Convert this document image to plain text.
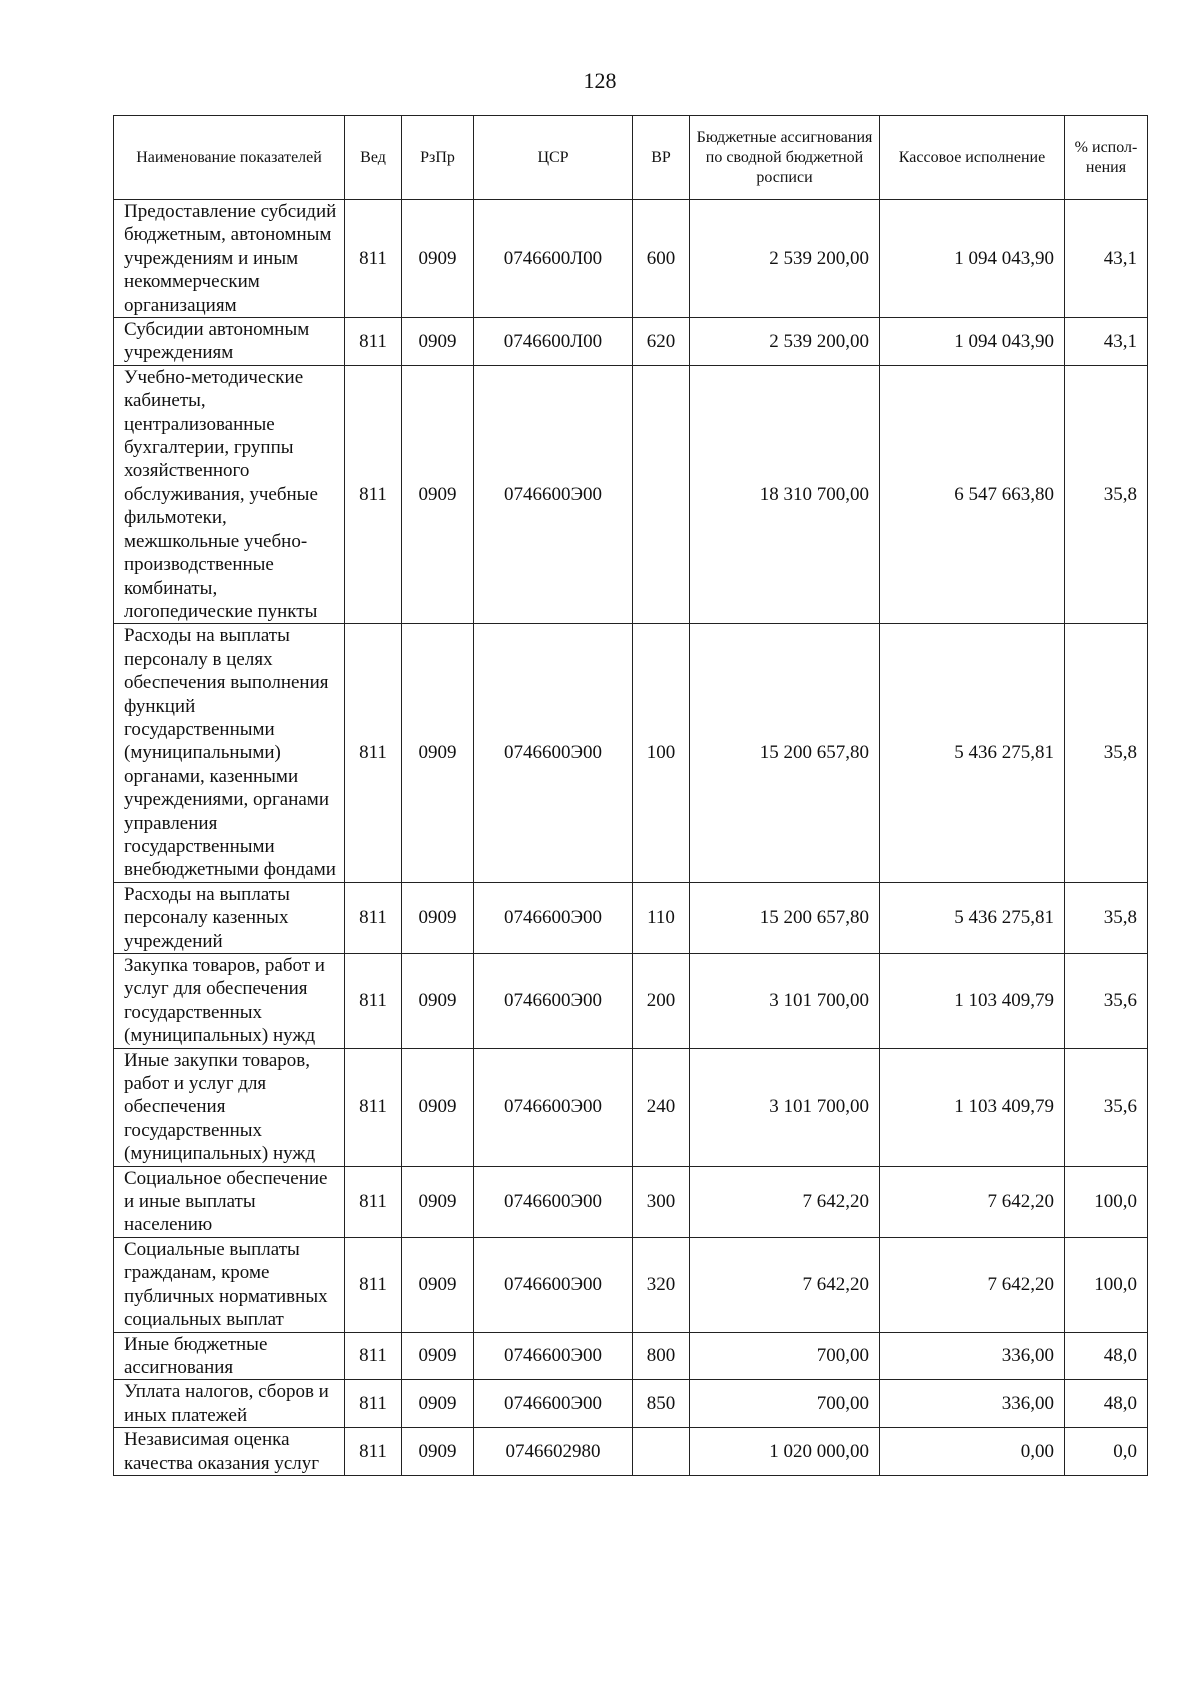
128
Наименование показателей	Вед	РзПр	ЦСР	ВР	Бюджетные ассигнования по сводной бюджетной росписи	Кассовое исполнение	% испол-нения
Предоставление субсидий бюджетным, автономным учреждениям и иным некоммерческим организациям	811	0909	0746600Л00	600	2 539 200,00	1 094 043,90	43,1
Субсидии автономным учреждениям	811	0909	0746600Л00	620	2 539 200,00	1 094 043,90	43,1
Учебно-методические кабинеты, централизованные бухгалтерии, группы хозяйственного обслуживания, учебные фильмотеки, межшкольные учебно-производственные комбинаты, логопедические пункты	811	0909	0746600Э00		18 310 700,00	6 547 663,80	35,8
Расходы на выплаты персоналу в целях обеспечения выполнения функций государственными (муниципальными) органами, казенными учреждениями, органами управления государственными внебюджетными фондами	811	0909	0746600Э00	100	15 200 657,80	5 436 275,81	35,8
Расходы на выплаты персоналу казенных учреждений	811	0909	0746600Э00	110	15 200 657,80	5 436 275,81	35,8
Закупка товаров, работ и услуг для обеспечения государственных (муниципальных) нужд	811	0909	0746600Э00	200	3 101 700,00	1 103 409,79	35,6
Иные закупки товаров, работ и услуг для обеспечения государственных (муниципальных) нужд	811	0909	0746600Э00	240	3 101 700,00	1 103 409,79	35,6
Социальное обеспечение и иные выплаты населению	811	0909	0746600Э00	300	7 642,20	7 642,20	100,0
Социальные выплаты гражданам, кроме публичных нормативных социальных выплат	811	0909	0746600Э00	320	7 642,20	7 642,20	100,0
Иные бюджетные ассигнования	811	0909	0746600Э00	800	700,00	336,00	48,0
Уплата налогов, сборов и иных платежей	811	0909	0746600Э00	850	700,00	336,00	48,0
Независимая оценка качества оказания услуг	811	0909	0746602980		1 020 000,00	0,00	0,0
